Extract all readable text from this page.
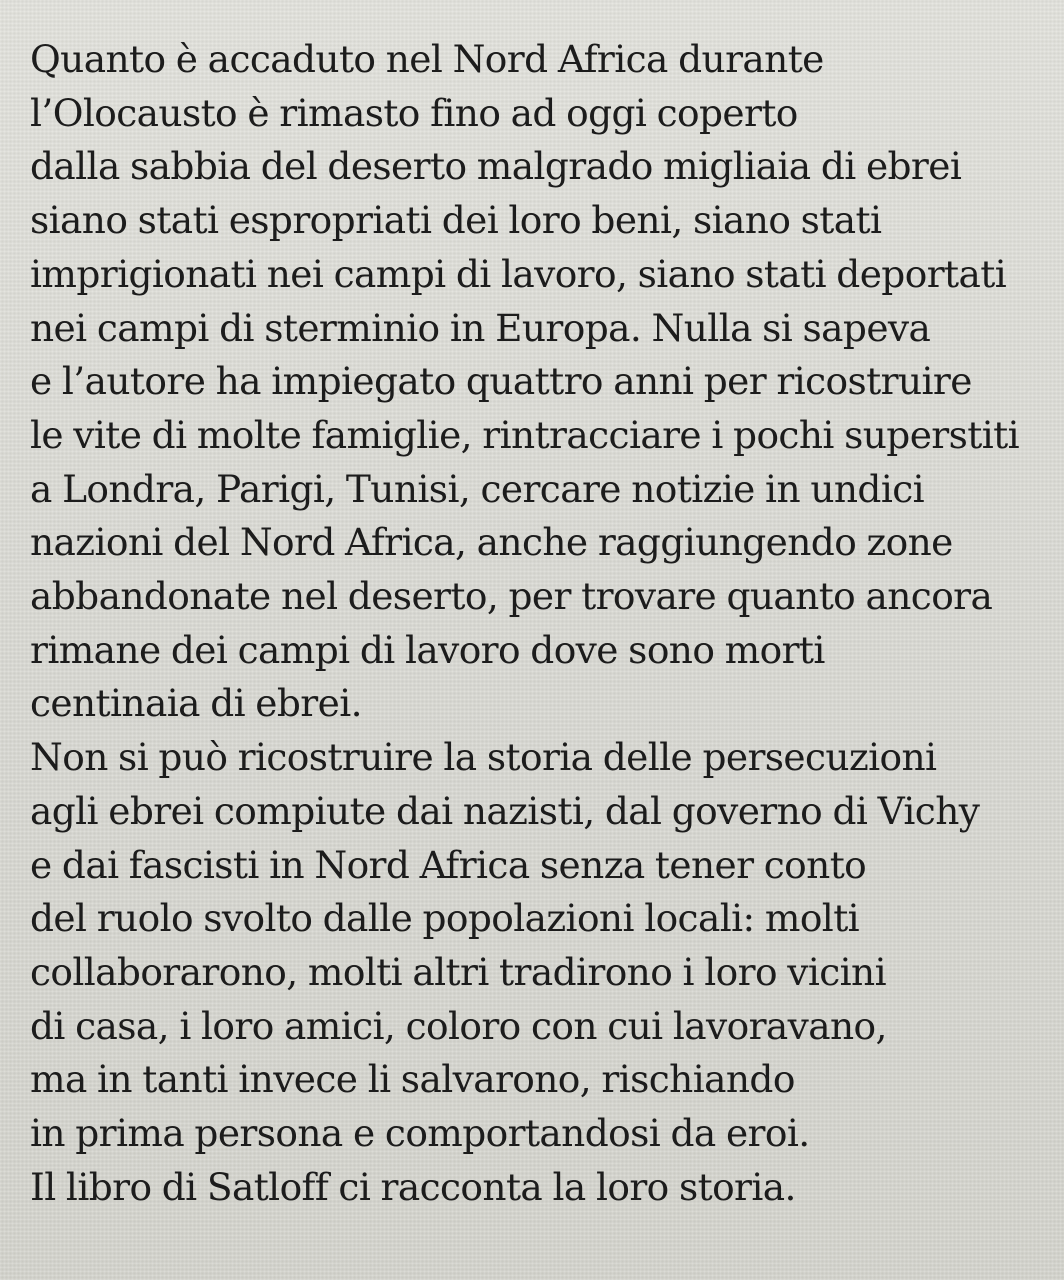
Quanto è accaduto nel Nord Africa durante
l’Olocausto è rimasto fino ad oggi coperto
dalla sabbia del deserto malgrado migliaia di ebrei
siano stati espropriati dei loro beni, siano stati
imprigionati nei campi di lavoro, siano stati deportati
nei campi di sterminio in Europa. Nulla si sapeva
e l’autore ha impiegato quattro anni per ricostruire
le vite di molte famiglie, rintracciare i pochi superstiti
a Londra, Parigi, Tunisi, cercare notizie in undici
nazioni del Nord Africa, anche raggiungendo zone
abbandonate nel deserto, per trovare quanto ancora
rimane dei campi di lavoro dove sono morti
centinaia di ebrei.
Non si può ricostruire la storia delle persecuzioni
agli ebrei compiute dai nazisti, dal governo di Vichy
e dai fascisti in Nord Africa senza tener conto
del ruolo svolto dalle popolazioni locali: molti
collaborarono, molti altri tradirono i loro vicini
di casa, i loro amici, coloro con cui lavoravano,
ma in tanti invece li salvarono, rischiando
in prima persona e comportandosi da eroi.
Il libro di Satloff ci racconta la loro storia.
